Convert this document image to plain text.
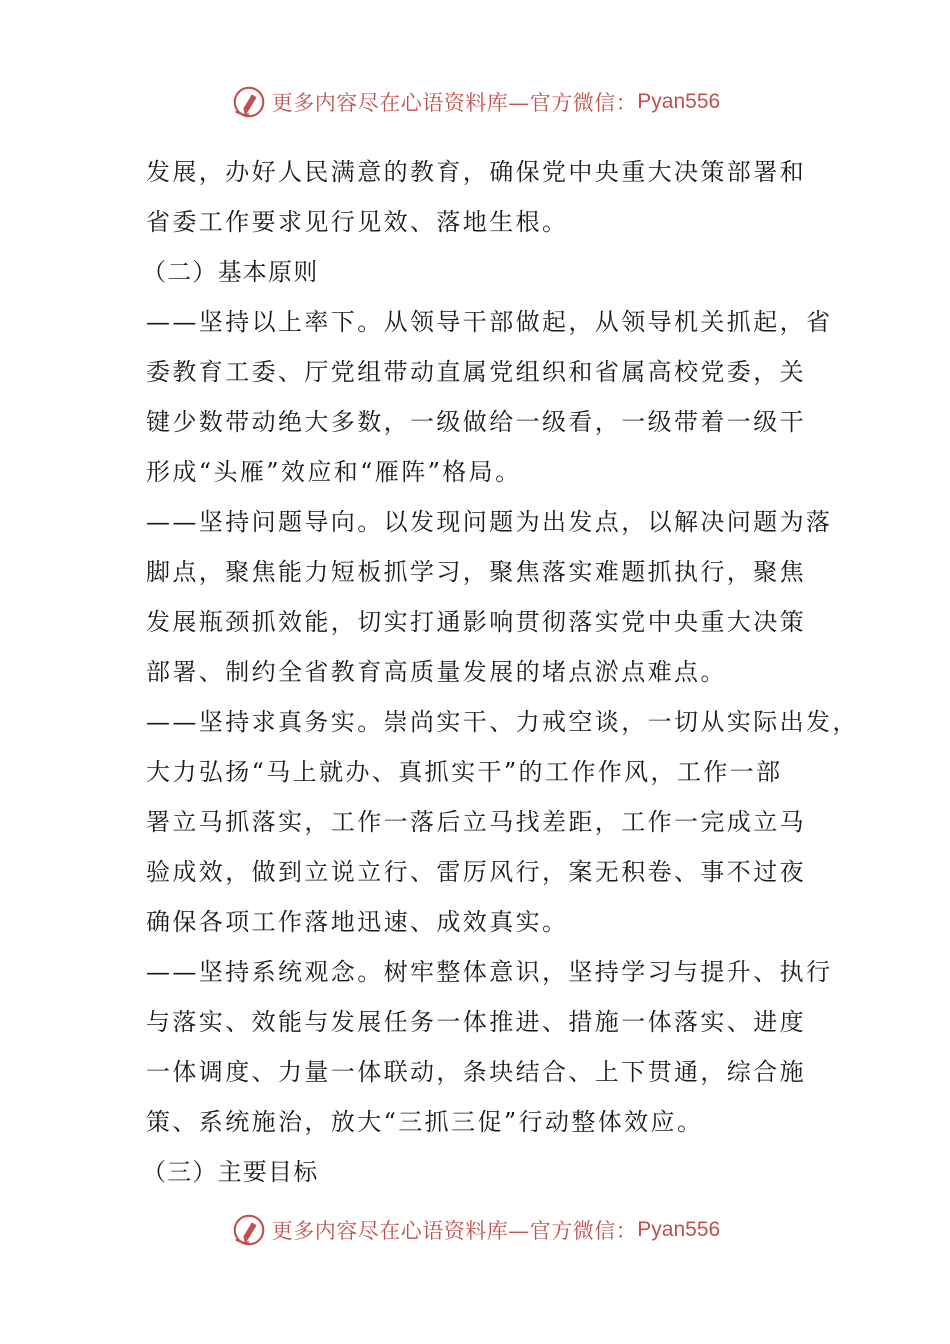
更多内容尽在心语资料库—官方微信： Pyan556
发展，办好人民满意的教育，确保党中央重大决策部署和
省委工作要求见行见效、落地生根。
（二）基本原则
——坚持以上率下。从领导干部做起，从领导机关抓起，省
委教育工委、厅党组带动直属党组织和省属高校党委，关
键少数带动绝大多数，一级做给一级看，一级带着一级干
形成“头雁”效应和“雁阵”格局。
——坚持问题导向。以发现问题为出发点，以解决问题为落
脚点，聚焦能力短板抓学习，聚焦落实难题抓执行，聚焦
发展瓶颈抓效能，切实打通影响贯彻落实党中央重大决策
部署、制约全省教育高质量发展的堵点淤点难点。
——坚持求真务实。崇尚实干、力戒空谈，一切从实际出发，
大力弘扬“马上就办、真抓实干”的工作作风，工作一部
署立马抓落实，工作一落后立马找差距，工作一完成立马
验成效，做到立说立行、雷厉风行，案无积卷、事不过夜
确保各项工作落地迅速、成效真实。
——坚持系统观念。树牢整体意识，坚持学习与提升、执行
与落实、效能与发展任务一体推进、措施一体落实、进度
一体调度、力量一体联动，条块结合、上下贯通，综合施
策、系统施治，放大“三抓三促”行动整体效应。
（三）主要目标
更多内容尽在心语资料库—官方微信： Pyan556
